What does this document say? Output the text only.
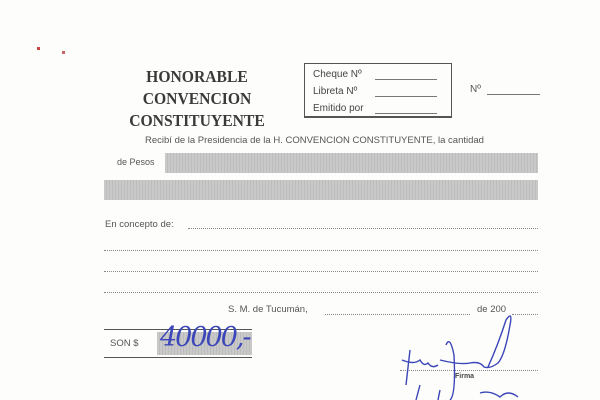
HONORABLE CONVENCION
CONSTITUYENTE
Cheque Nº
Libreta Nº
Emitido por
Nº
Recibí de la Presidencia de la H. CONVENCION CONSTITUYENTE, la cantidad
de Pesos
En concepto de:
S. M. de Tucumán,	de 200
SON $ 40000,-
Firma
